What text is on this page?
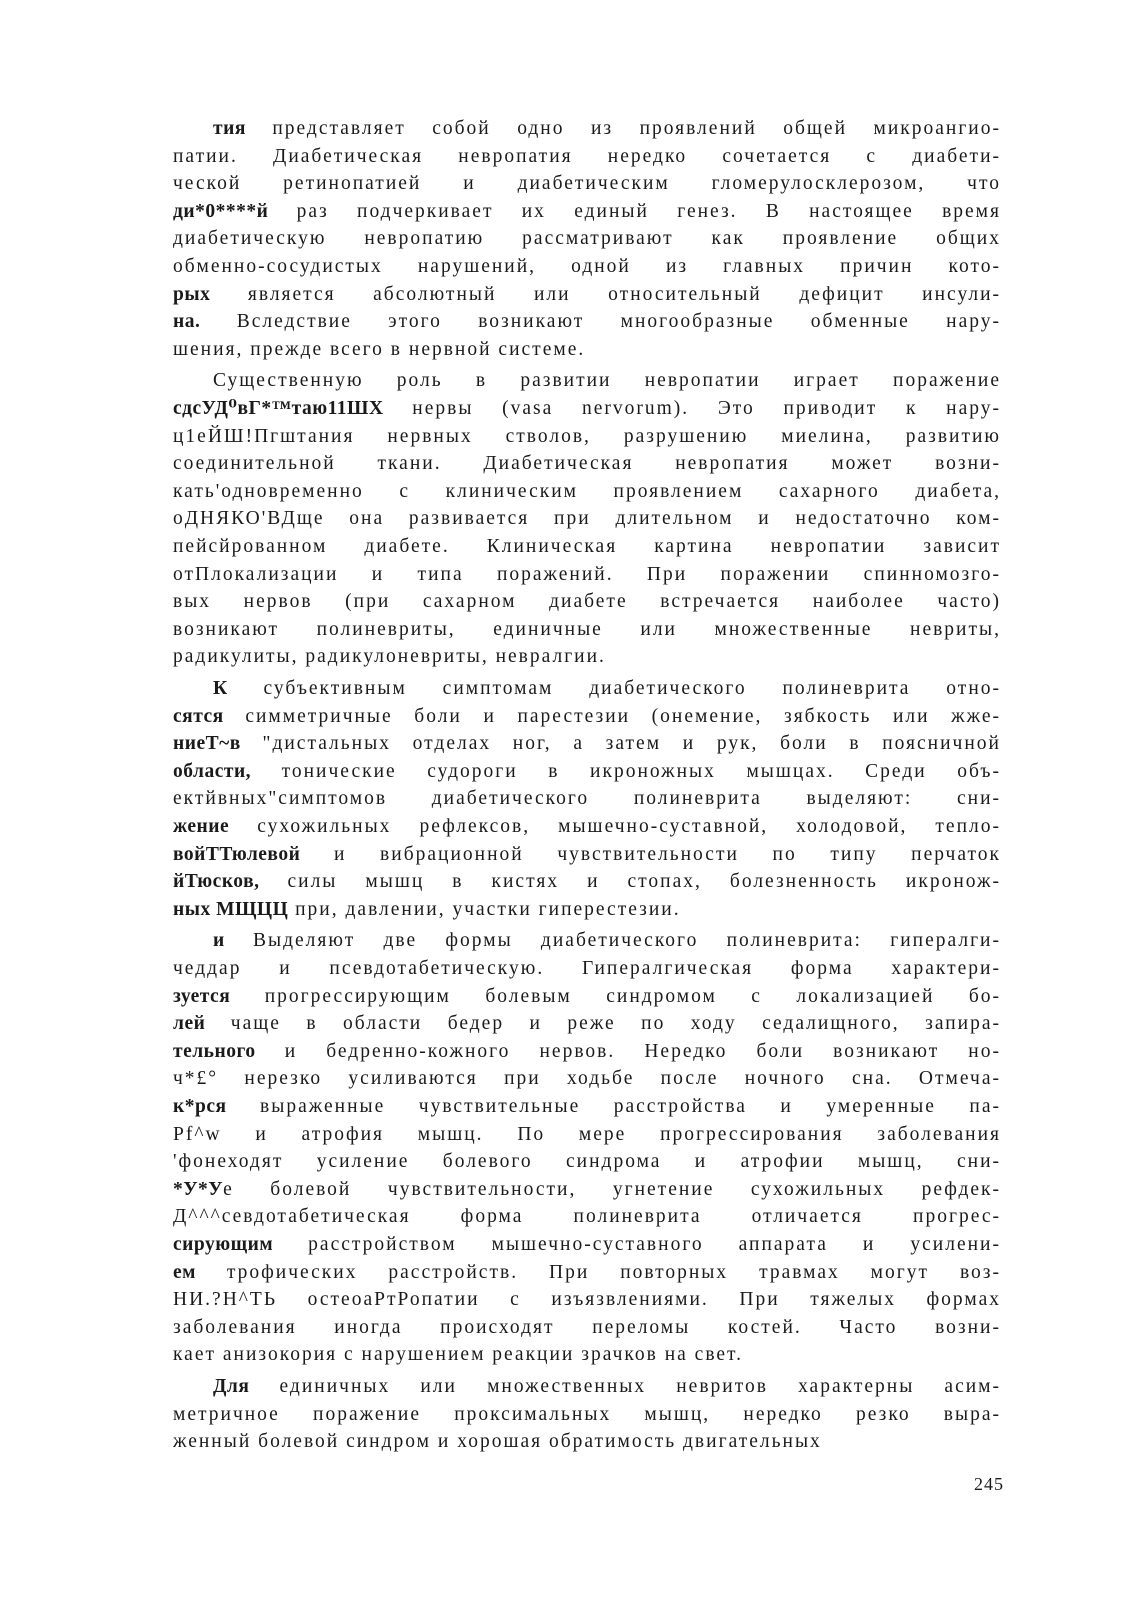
тия представляет собой одно из проявлений общей микроангио-
патии. Диабетическая невропатия нередко сочетается с диабети-
ческой ретинопатией и диабетическим гломерулосклерозом, что
ди*0****й раз подчеркивает их единый генез. В настоящее время
диабетическую невропатию рассматривают как проявление общих
обменно-сосудистых нарушений, одной из главных причин кото-
рых является абсолютный или относительный дефицит инсули-
на. Вследствие этого возникают многообразные обменные нару-
шения, прежде всего в нервной системе.
Существенную роль в развитии невропатии играет поражение
сдсУД⁰вГ*™таю11ШХ нервы (vasa nervorum). Это приводит к нару-
ц1еЙШ!Пгштания нервных стволов, разрушению миелина, развитию
соединительной ткани. Диабетическая невропатия может возни-
кать'одновременно с клиническим проявлением сахарного диабета,
оДНЯКО'ВДще она развивается при длительном и недостаточно ком-
пейсйрованном диабете. Клиническая картина невропатии зависит
отПлокализации и типа поражений. При поражении спинномозго-
вых нервов (при сахарном диабете встречается наиболее часто)
возникают полиневриты, единичные или множественные невриты,
радикулиты, радикулоневриты, невралгии.
К субъективным симптомам диабетического полиневрита отно-
сятся симметричные боли и парестезии (онемение, зябкость или жже-
ниеТ~в "дистальных отделах ног, а затем и рук, боли в поясничной
области, тонические судороги в икроножных мышцах. Среди объ-
ектйвных"симптомов диабетического полиневрита выделяют: сни-
жение сухожильных рефлексов, мышечно-суставной, холодовой, тепло-
войТТюлевой и вибрационной чувствительности по типу перчаток
йТюсков, силы мышц в кистях и стопах, болезненность икронож-
ных МЩЦЦ при, давлении, участки гиперестезии.
и Выделяют две формы диабетического полиневрита: гипералги-
чеддар и псевдотабетическую. Гипералгическая форма характери-
зуется прогрессирующим болевым синдромом с локализацией бо-
лей чаще в области бедер и реже по ходу седалищного, запира-
тельного и бедренно-кожного нервов. Нередко боли возникают но-
ч*£° нерезко усиливаются при ходьбе после ночного сна. Отмеча-
к*рся выраженные чувствительные расстройства и умеренные па-
Pf^w и атрофия мышц. По мере прогрессирования заболевания
'фонеходят усиление болевого синдрома и атрофии мышц, сни-
*У*Уе болевой чувствительности, угнетение сухожильных рефдек-
Д^^^севдотабетическая форма полиневрита отличается прогрес-
сирующим расстройством мышечно-суставного аппарата и усилени-
ем трофических расстройств. При повторных травмах могут воз-
НИ.?Н^ТЬ остеоаРтРопатии с изъязвлениями. При тяжелых формах
заболевания иногда происходят переломы костей. Часто возни-
кает анизокория с нарушением реакции зрачков на свет.
Для единичных или множественных невритов характерны асим-
метричное поражение проксимальных мышц, нередко резко выра-
женный болевой синдром и хорошая обратимость двигательных
245
